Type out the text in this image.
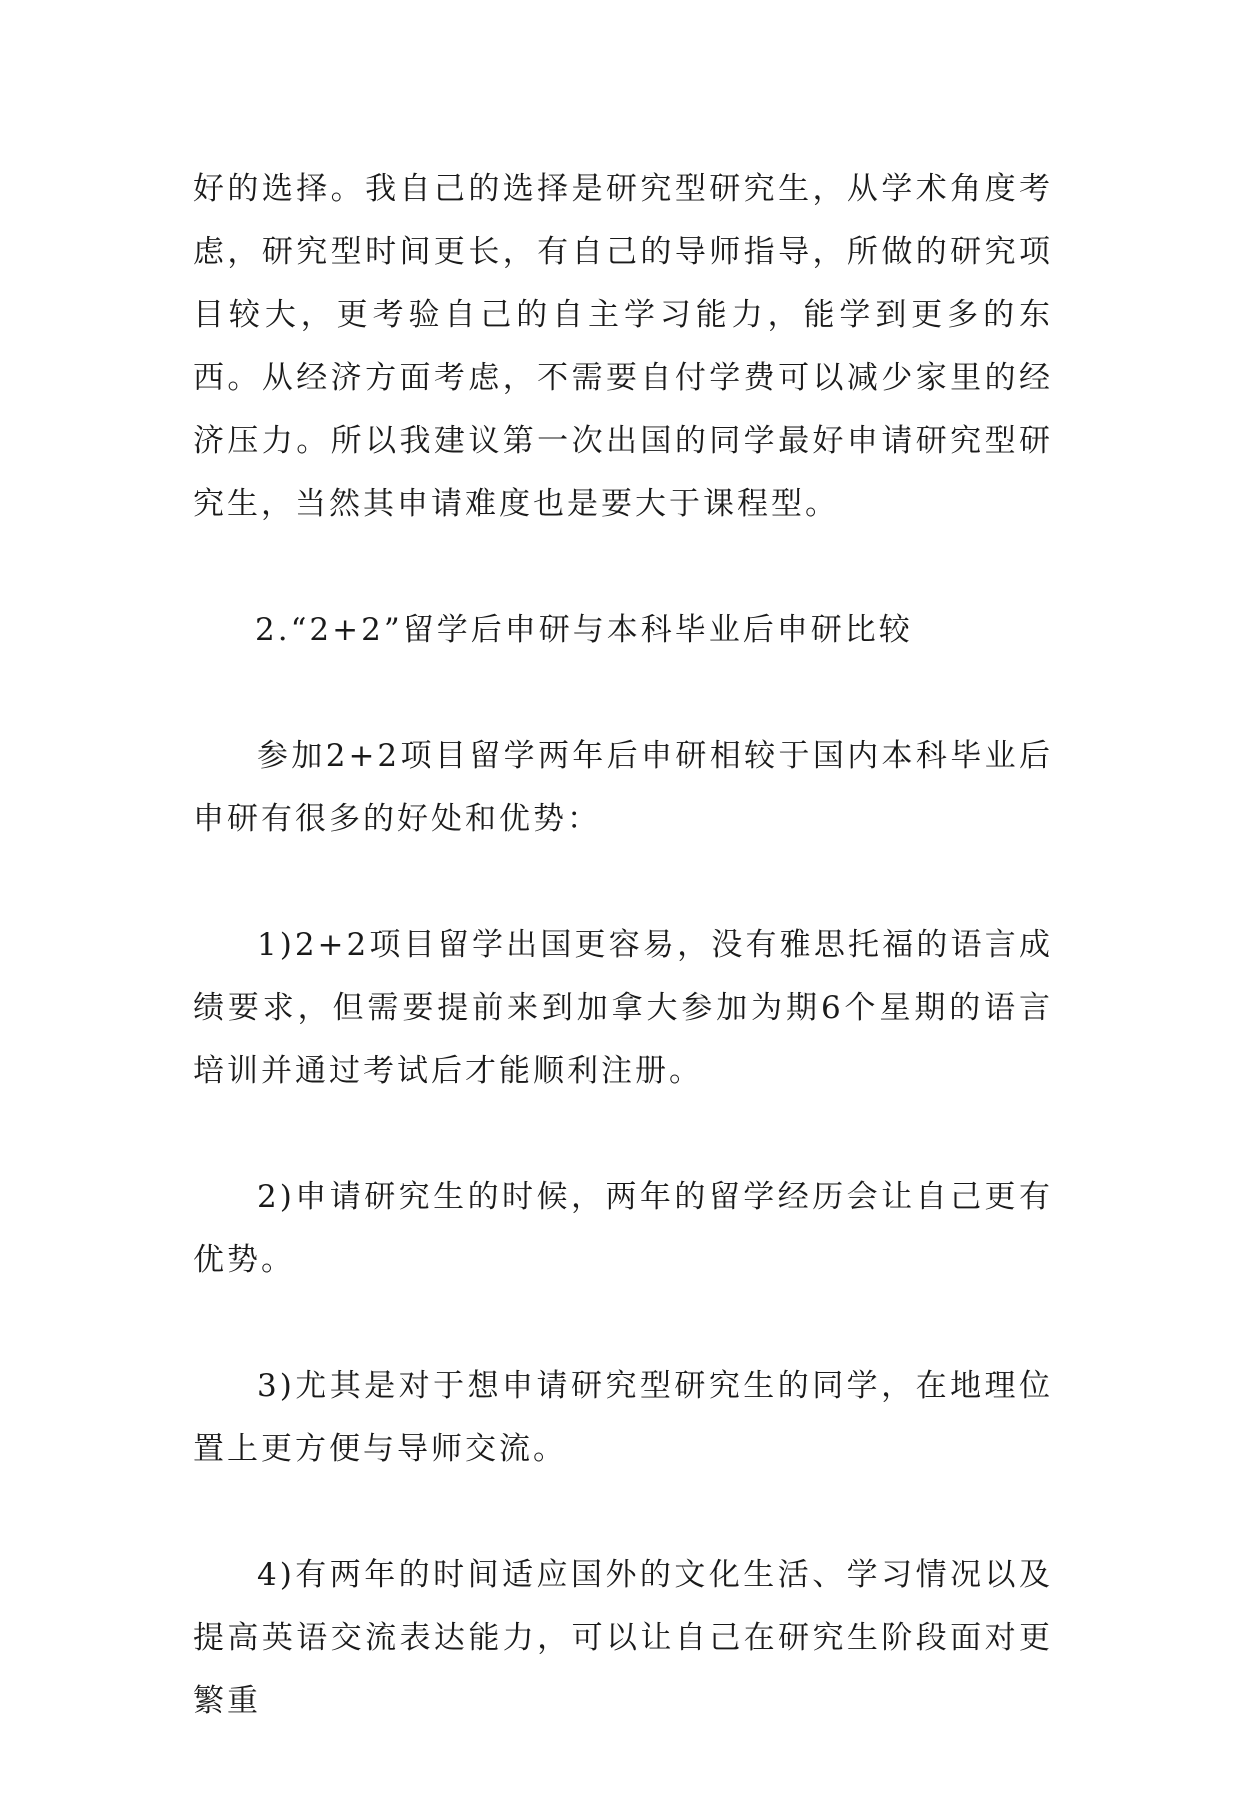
好的选择。我自己的选择是研究型研究生，从学术角度考虑，研究型时间更长，有自己的导师指导，所做的研究项目较大，更考验自己的自主学习能力，能学到更多的东西。从经济方面考虑，不需要自付学费可以减少家里的经济压力。所以我建议第一次出国的同学最好申请研究型研究生，当然其申请难度也是要大于课程型。

2.“2+2”留学后申研与本科毕业后申研比较

参加2+2项目留学两年后申研相较于国内本科毕业后申研有很多的好处和优势：

1)2+2项目留学出国更容易，没有雅思托福的语言成绩要求，但需要提前来到加拿大参加为期6个星期的语言培训并通过考试后才能顺利注册。

2)申请研究生的时候，两年的留学经历会让自己更有优势。

3)尤其是对于想申请研究型研究生的同学，在地理位置上更方便与导师交流。

4)有两年的时间适应国外的文化生活、学习情况以及提高英语交流表达能力，可以让自己在研究生阶段面对更繁重
